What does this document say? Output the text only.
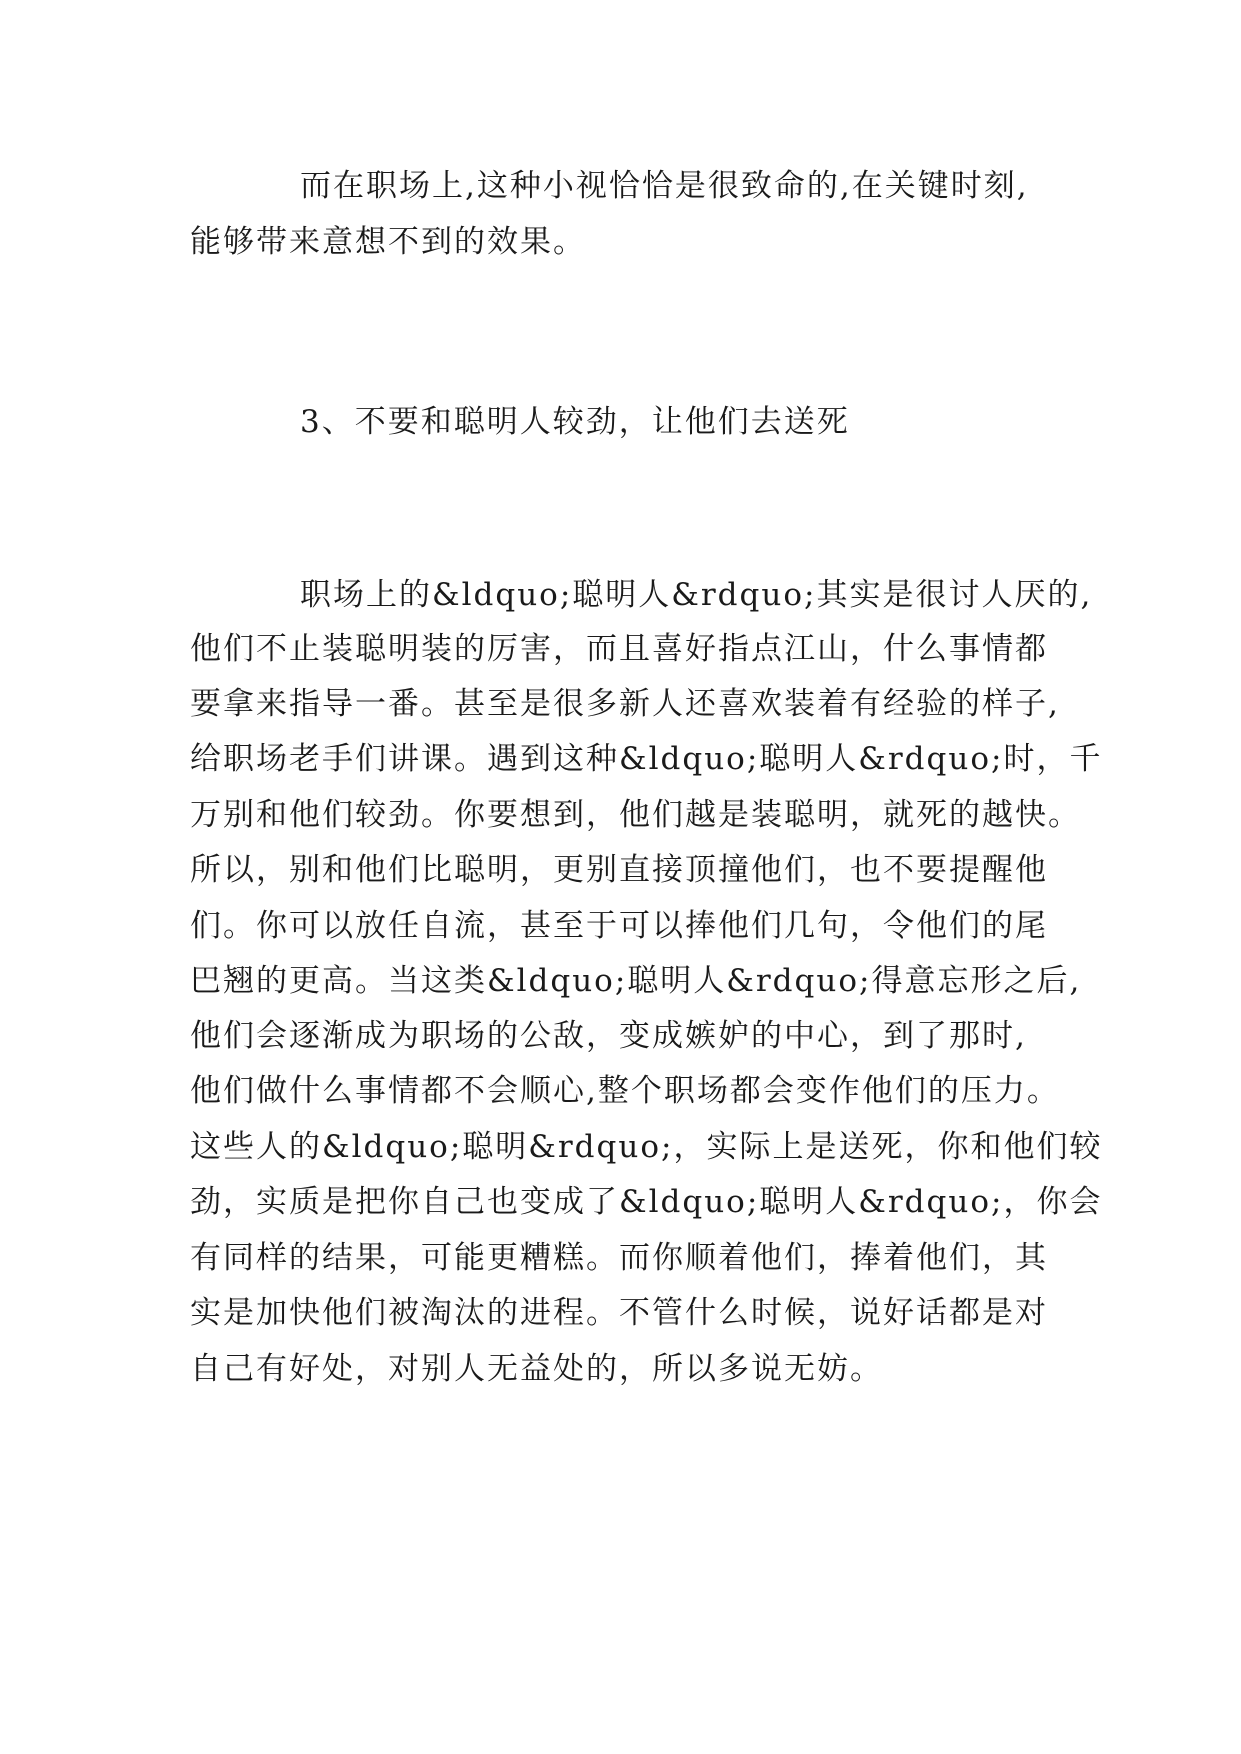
而在职场上,这种小视恰恰是很致命的,在关键时刻,
能够带来意想不到的效果。
3、不要和聪明人较劲，让他们去送死
职场上的&ldquo;聪明人&rdquo;其实是很讨人厌的,
他们不止装聪明装的厉害，而且喜好指点江山，什么事情都
要拿来指导一番。甚至是很多新人还喜欢装着有经验的样子,
给职场老手们讲课。遇到这种&ldquo;聪明人&rdquo;时，千
万别和他们较劲。你要想到，他们越是装聪明，就死的越快。
所以，别和他们比聪明，更别直接顶撞他们，也不要提醒他
们。你可以放任自流，甚至于可以捧他们几句，令他们的尾
巴翘的更高。当这类&ldquo;聪明人&rdquo;得意忘形之后,
他们会逐渐成为职场的公敌，变成嫉妒的中心，到了那时,
他们做什么事情都不会顺心,整个职场都会变作他们的压力。
这些人的&ldquo;聪明&rdquo;，实际上是送死，你和他们较
劲，实质是把你自己也变成了&ldquo;聪明人&rdquo;，你会
有同样的结果，可能更糟糕。而你顺着他们，捧着他们，其
实是加快他们被淘汰的进程。不管什么时候，说好话都是对
自己有好处，对别人无益处的，所以多说无妨。
